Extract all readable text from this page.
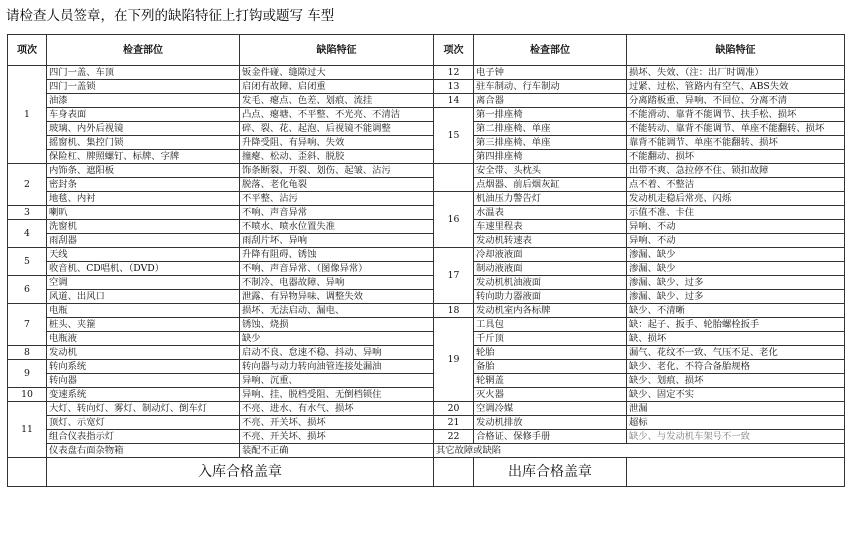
请检查人员签章，在下列的缺陷特征上打钩或题写 车型
项次	检查部位	缺陷特征	项次	检查部位	缺陷特征
1	四门一盖、车顶	钣金件碰、缝隙过大	12	电子钟	损坏、失效、（注：出厂时调准）
	四门一盖锁	启闭有故障、启闭重	13	驻车制动、行车制动	过紧、过松、管路内有空气、ABS失效
	油漆	发毛、瘪点、色差、划痕、流挂	14	离合器	分离踏板重、异响、不回位、分离不清
	车身表面	凸点、瘪塘、不平整、不光亮、不清洁	15	第一排座椅	不能滑动、靠背不能调节、扶手松、损坏
	玻璃、内外后视镜	碎、裂、花、起泡、后视镜不能调整		第二排座椅、单座	不能转动、靠背不能调节、单座不能翻转、损坏
	摇窗机、集控门锁	升降受阻、有异响、失效		第三排座椅、单座	靠背不能调节、单座不能翻转、损坏
	保险杠、牌照螺钉、标牌、字牌	撞瘪、松动、歪斜、脱胶		第四排座椅	不能翻动、损坏
2	内饰条、遮阳板	饰条断裂、开裂、划伤、起皱、沾污		安全带、头枕头	出带不爽、急拉停不住、锁扣故障
	密封条	脱落、老化龟裂		点烟器、前后烟灰缸	点不着、不整洁
	地毯、内衬	不平整、沾污	16	机油压力警告灯	发动机走稳后常亮、闪烁
3	喇叭	不响、声音异常		水温表	示值不准、卡住
4	洗窗机	不喷水、喷水位置失准		车速里程表	异响、不动
	雨刮器	雨刮片坏、异响		发动机转速表	异响、不动
5	天线	升降有阻碍、锈蚀	17	冷却液液面	渗漏、缺少
	收音机、CD唱机、（DVD）	不响、声音异常、（图像异常）		制动液液面	渗漏、缺少
6	空调	不制冷、电器故障、异响		发动机机油液面	渗漏、缺少、过多
	风道、出风口	泄露、有异物异味、调整失效		转向助力器液面	渗漏、缺少、过多
7	电瓶	损坏、无法启动、漏电、	18	发动机室内各标牌	缺少、不清晰
	桩头、夹箍	锈蚀、烧损	19	工具包	缺：起子、扳手、轮胎螺栓扳手
	电瓶液	缺少		千斤顶	缺、损坏
8	发动机	启动不良、怠速不稳、抖动、异响		轮胎	漏气、花纹不一致、气压不足、老化
9	转向系统	转向器与动力转向油管连接处漏油		备胎	缺少、老化、不符合备胎规格
	转向器	异响、沉重、		轮辋盖	缺少、划痕、损坏
10	变速系统	异响、挂、脱档受阻、无倒档锁住		灭火器	缺少、固定不实
11	大灯、转向灯、雾灯、制动灯、倒车灯	不亮、进水、有水气、损坏	20	空调冷媒	泄漏
	顶灯、示宽灯	不亮、开关坏、损坏	21	发动机排放	超标
	组合仪表指示灯	不亮、开关坏、损坏	22	合格证、保修手册	缺少、与发动机车架号不一致
	仪表盘右面杂物箱	装配不正确	其它故障或缺陷		
	入库合格盖章			出库合格盖章	
